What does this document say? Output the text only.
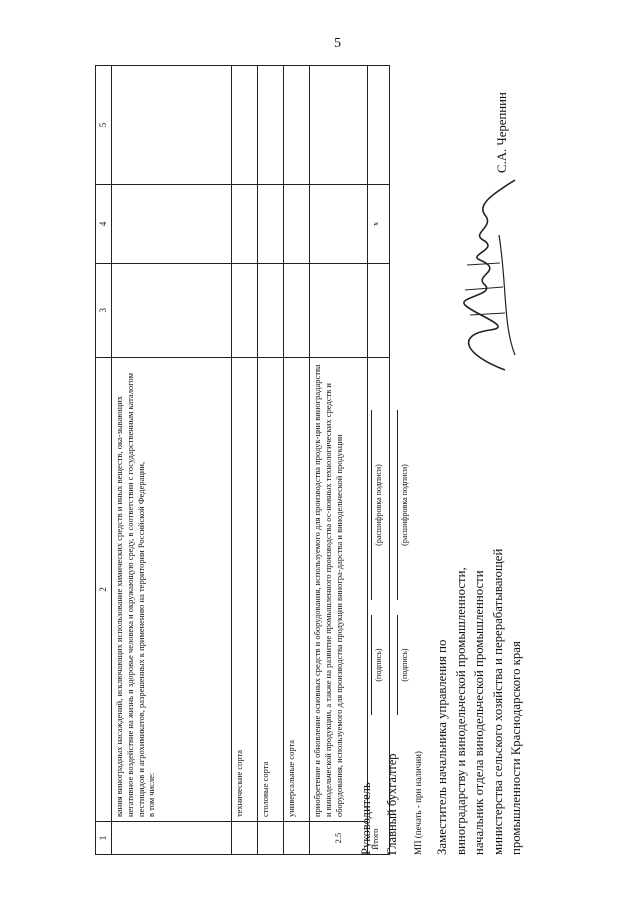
5
1	2	3	4	5

	вания виноградных насаждений, исключающих использование химических средств и иных веществ, ока-зывающих негативное воздействие на жизнь и здоровье человека и окружающую среду, в соответствии с государственным каталогом пестицидов и агрохимикатов, разрешенных к применению на территории Российской Федерации, в том числе:			

	технические сорта			
	столовые сорта			
	универсальные сорта			
2.5	приобретение и обновление основных средств и оборудования, используемого для производства продук-ции виноградарства и винодельческой продукции, а также на развитие промышленного производства ос-новных технологических средств и оборудования, используемого для производства продукции виногра-дарства и винодельческой продукции			
Итого			x	
Руководитель
(подпись)
(расшифровка подписи)
Главный бухгалтер
(подпись)
(расшифровка подписи)
МП (печать - при наличии) Заместитель начальника управления по виноградарству и винодельческой промышленности, начальник отдела винодельческой промышленности министерства сельского хозяйства и перерабатывающей промышленности Краснодарского края
С.А. Черепнин
